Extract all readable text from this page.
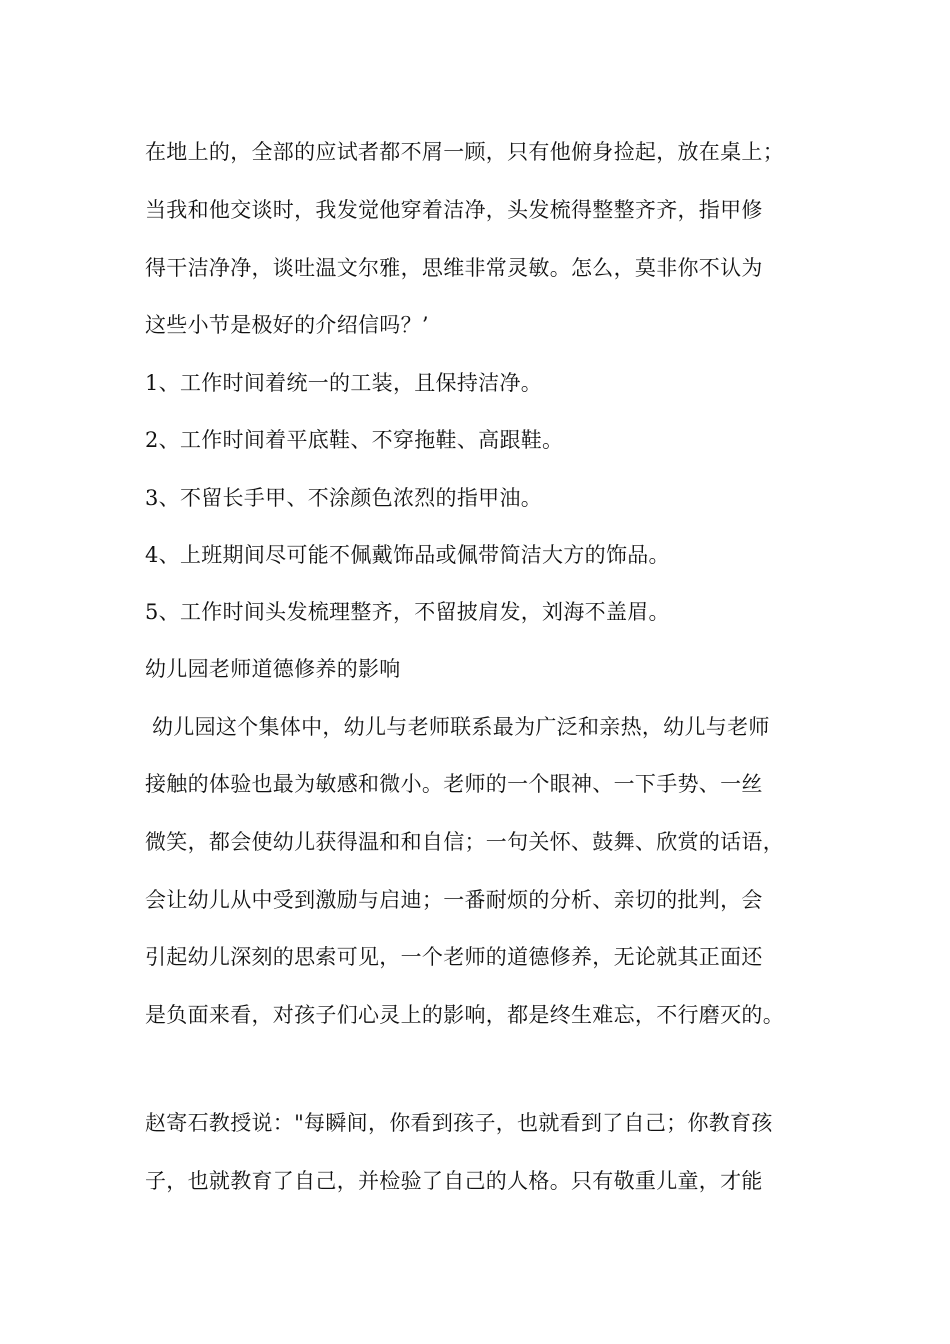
在地上的，全部的应试者都不屑一顾，只有他俯身捡起，放在桌上；
当我和他交谈时，我发觉他穿着洁净，头发梳得整整齐齐，指甲修
得干洁净净，谈吐温文尔雅，思维非常灵敏。怎么，莫非你不认为
这些小节是极好的介绍信吗？’
1、工作时间着统一的工装，且保持洁净。
2、工作时间着平底鞋、不穿拖鞋、高跟鞋。
3、不留长手甲、不涂颜色浓烈的指甲油。
4、上班期间尽可能不佩戴饰品或佩带简洁大方的饰品。
5、工作时间头发梳理整齐，不留披肩发，刘海不盖眉。
幼儿园老师道德修养的影响
幼儿园这个集体中，幼儿与老师联系最为广泛和亲热，幼儿与老师
接触的体验也最为敏感和微小。老师的一个眼神、一下手势、一丝
微笑，都会使幼儿获得温和和自信；一句关怀、鼓舞、欣赏的话语，
会让幼儿从中受到激励与启迪；一番耐烦的分析、亲切的批判，会
引起幼儿深刻的思索可见，一个老师的道德修养，无论就其正面还
是负面来看，对孩子们心灵上的影响，都是终生难忘，不行磨灭的。
赵寄石教授说："每瞬间，你看到孩子，也就看到了自己；你教育孩
子，也就教育了自己，并检验了自己的人格。只有敬重儿童，才能
